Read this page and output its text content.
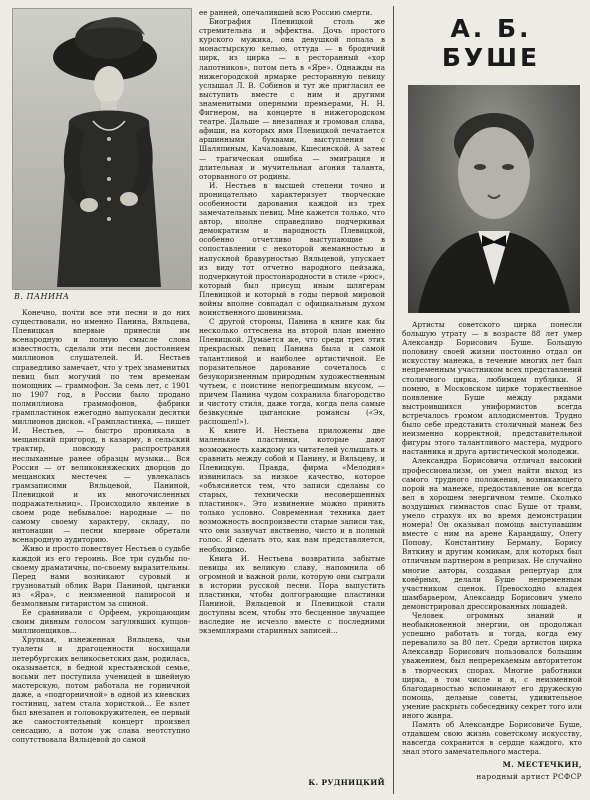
В. ПАНИНА

Конечно, почти все эти песни и до них существовали, но именно Панина, Вяльцева, Плевицкая впервые принесли им всенародную и полную смысле слова известность, сделали эти песни достоянием миллионов слушателей. И. Нестьев справедливо замечает, что у трех знаменитых певиц был могучий по тем временам помощник — граммофон. За семь лет, с 1901 по 1907 год, в России было продано полмиллиона граммофонов, фабрики грампластинок ежегодно выпускали десятки миллионов дисков. «Грампластинка, — пишет И. Нестьев, — быстро проникала в мещанский пригород, в казарму, в сельский трактир, повсюду распространяя неслыханные ранее образцы музыки... Вся Россия — от великокняжеских дворцов до мещанских местечек — увлекалась грамзаписями Вяльцевой, Паниной, Плевицкой и их многочисленных подражательниц». Происходило явление в своем роде небывалое: народные — по самому своему характеру, складу, по интонации — песни впервые обретали всенародную аудиторию.

Живо и просто повествует Нестьев о судьбе каждой из его героинь. Все три судьбы по-своему драматичны, по-своему выразительны. Перед нами возникают суровый и грузноватый облик Вари Паниной, цыганки из «Яра», с неизменной папиросой и безмолвным гитаристом за спиной.

Ее сравнивали с Орфеем, укрощающим своим дивным голосом загулявших купцов-миллионщиков...

Хрупкая, изнеженная Вяльцева, чьи туалеты и драгоценности восхищали петербургских великосветских дам, родилась, оказывается, в бедной крестьянской семье, восьми лет поступила ученицей в швейную мастерскую, потом работала не горничной даже, а «подгорничной» в одной из киевских гостиниц, затем стала хористкой... Ее взлет был внезапен и головокружителен, ее первый же самостоятельный концерт произвел сенсацию, а потом уж слава неотступно сопутствовала Вяльцевой до самой

ее ранней, опечалившей всю Россию смерти.

Биография Плевицкой столь же стремительна и эффектна. Дочь простого курского мужика, она девушкой попала в монастырскую келью, оттуда — в бродячий цирк, из цирка — в ресторанный «хор лапотников», потом петь в «Яре». Однажды на нижегородской ярмарке ресторанную певицу услышал Л. В. Собинов и тут же пригласил ее выступить вместе с ним и другими знаменитыми оперными премьерами, Н. Н. Фигнером, на концерте в нижегородском театре. Дальше — внезапная и громовая слава, афиши, на которых имя Плевицкой печатается аршинными буквами, выступления с Шаляпиным, Качаловым, Кшесинской. А затем — трагическая ошибка — эмиграция и длительная и мучительная агония таланта, оторванного от родины.

И. Нестьев в высшей степени точно и проницательно характеризует творческие особенности дарования каждой из трех замечательных певиц. Мне кажется только, что автор, вполне справедливо подчеркивая демократизм и народность Плевицкой, особенно отчетливо выступающие в сопоставлении с некоторой жеманностью и напускной бравурностью Вяльцевой, упускает из виду тот отчетно народного пейзажа, подчеркнутой простонародности в стиле «рюс», который был присущ иным шлягерам Плевицкой и который в годы первой мировой войны вполне совпадал с официальным духом воинственного шовинизма.

С другой стороны, Панина в книге как бы несколько оттеснена на второй план именно Плевицкой. Думается же, что среди трех этих прекрасных певиц Панина была и самой талантливой и наиболее артистичной. Ее поразительное дарование сочеталось с безукоризненным природным художественным чутьем, с поистине непогрешимым вкусом, — причем Панина чудом сохранила благородство и чистоту стиля, даже тогда, когда пела самые безвкусные цыганские романсы («Эх, распошел!»).

К книге И. Нестьева приложены две маленькие пластинки, которые дают возможность каждому из читателей услышать и сравнить между собой и Панину, и Вяльцеву, и Плевицкую. Правда, фирма «Мелодия» извинилась за низкое качество, которое «объясняется тем, что записи сделаны со старых, технически несовершенных пластинок». Это извинение можно принять только условно. Современная техника дает возможность воспроизвести старые записи так, что они зазвучат явственно, чисто и в полный голос. Я сделать это, как нам представляется, необходимо.

Книга И. Нестьева возвратила забытые певицы их великую славу, напомнила об огромной и важной роли, которую они сыграли в истории русской песни. Пора выпустить пластинки, чтобы долгограющие пластинки Паниной, Вяльцевой и Плевицкой стали доступны всем, чтобы это бесценное звучащее наследие не исчезло вместе с последними экземплярами старинных записей...

К. РУДНИЦКИЙ
А. Б. БУШЕ

Артисты советского цирка понесли большую утрату — в возрасте 88 лет умер Александр Борисович Буше. Большую половину своей жизни постоянно отдал он искусству манежа, в течение многих лет был непременным участником всех представлений столичного цирка, любимцем публики. Я помню, в Московском цирке торжественное появление Буше между рядами выстроившихся униформистов всегда встречалось громом аплодисментов. Трудно было себе представить столичный манеж без неизменно корректной, представительной фигуры этого талантливого мастера, мудрого наставника и друга артистической молодежи.

Александра Борисовича отличал высокий профессионализм, он умел найти выход из самого трудного положения, возникающего порой на манеже, предоставление он всегда вел в хорошем энергичном темпе. Сколько воздушных гимнастов спас Буше от травм, умело страхуя их во время демонстрации номера! Он оказывал помощь выступавшим вместе с ним на арене Карандашу, Олегу Попову, Константину Берману, Борису Вяткину и другим комикам, для которых был отличным партнером в репризах. Не случайно многие авторы, создавая репертуар для ковёрных, делали Буше непременным участником сценок. Превосходно владея шамбарьером, Александр Борисович умело демонстрировал дрессированных лошадей.

Человек огромных знаний и необыкновенной энергии, он продолжал успешно работать и тогда, когда ему перевалило за 80 лет. Среди артистов цирка Александр Борисович пользовался большим уважением, был непререкаемым авторитетом в творческих спорах. Многие работники цирка, в том числе и я, с неизменной благодарностью вспоминают его дружескую помощь, дельные советы, удивительное умение раскрыть собеседнику секрет того или иного жанра.

Память об Александре Борисовиче Буше, отдавшем свою жизнь советскому искусству, навсегда сохранится в сердце каждого, кто знал этого замечательного мастера.

М. МЕСТЕЧКИН,
народный артист РСФСР
